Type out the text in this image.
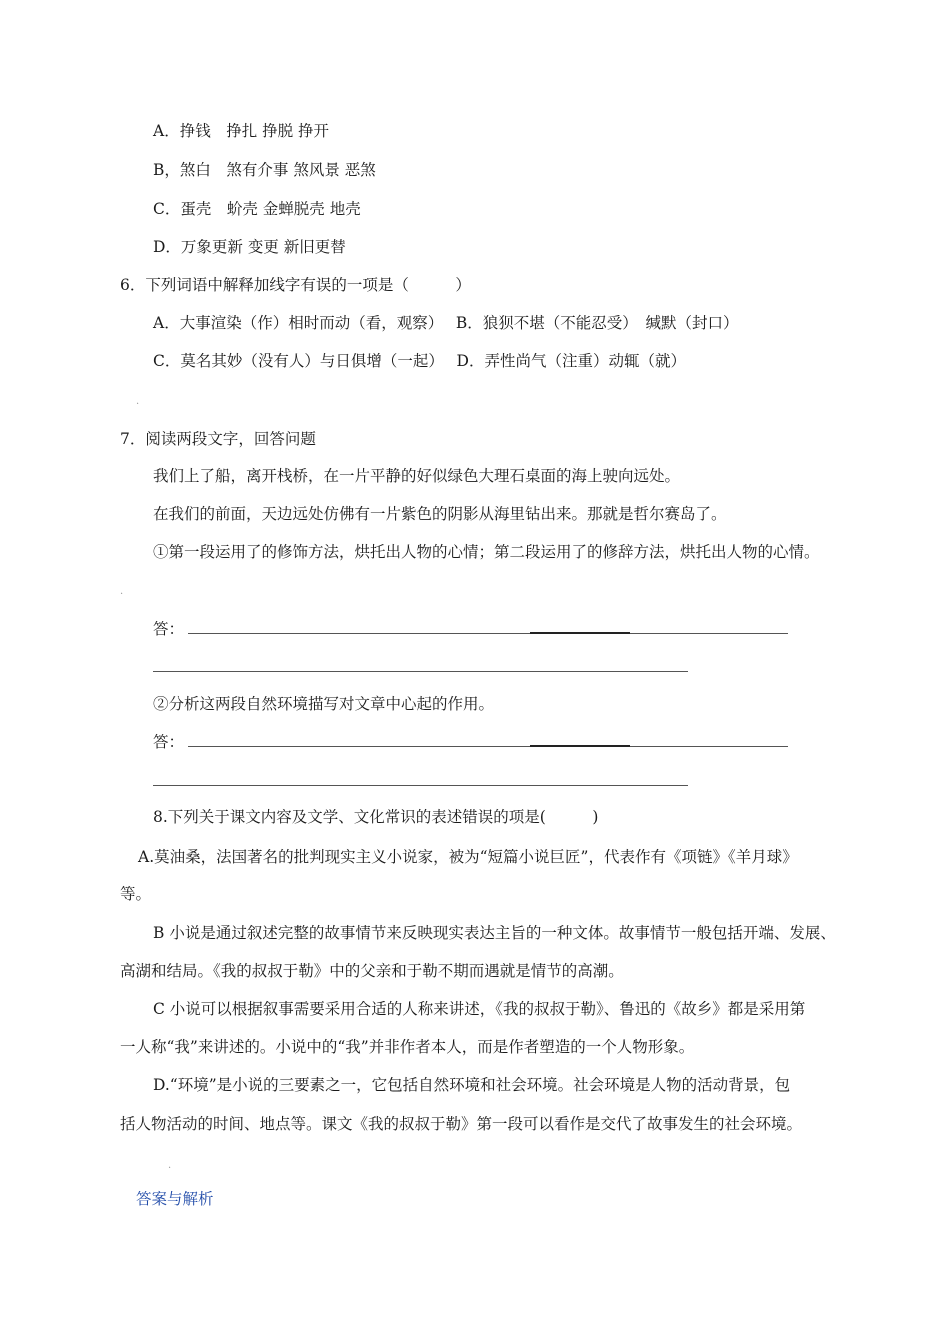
A．挣钱　挣扎 挣脱 挣开
B，煞白　煞有介事 煞风景 恶煞
C．蛋壳　蚧壳 金蝉脱壳 地壳
D．万象更新 变更 新旧更替
6．下列词语中解释加线字有误的一项是（　　　）
A．大事渲染（作）相时而动（看，观察）　 B．狼狈不堪（不能忍受）　缄默（封口）
C．莫名其妙（没有人）与日俱增（一起）　 D．弄性尚气（注重）动辄（就）
.
7．阅读两段文字，回答问题
我们上了船，离开栈桥，在一片平静的好似绿色大理石桌面的海上驶向远处。
在我们的前面，天边远处仿佛有一片紫色的阴影从海里钻出来。那就是哲尔赛岛了。
①第一段运用了的修饰方法，烘托出人物的心情；第二段运用了的修辞方法，烘托出人物的心情。
.
答：
②分析这两段自然环境描写对文章中心起的作用。
答：
8.下列关于课文内容及文学、文化常识的表述错误的项是(　　　)
A.莫油桑，法国著名的批判现实主义小说家，被为“短篇小说巨匠”，代表作有《项链》《羊月球》
等。
B 小说是通过叙述完整的故事情节来反映现实表达主旨的一种文体。故事情节一般包括开端、发展、
高湖和结局。《我的叔叔于勒》中的父亲和于勒不期而遇就是情节的高潮。
C 小说可以根据叙事需要采用合适的人称来讲述，《我的叔叔于勒》、鲁迅的《故乡》都是采用第
一人称“我”来讲述的。小说中的“我”并非作者本人，而是作者塑造的一个人物形象。
D.“环境”是小说的三要素之一，它包括自然环境和社会环境。社会环境是人物的活动背景，包
括人物活动的时间、地点等。课文《我的叔叔于勒》第一段可以看作是交代了故事发生的社会环境。
.
答案与解析
